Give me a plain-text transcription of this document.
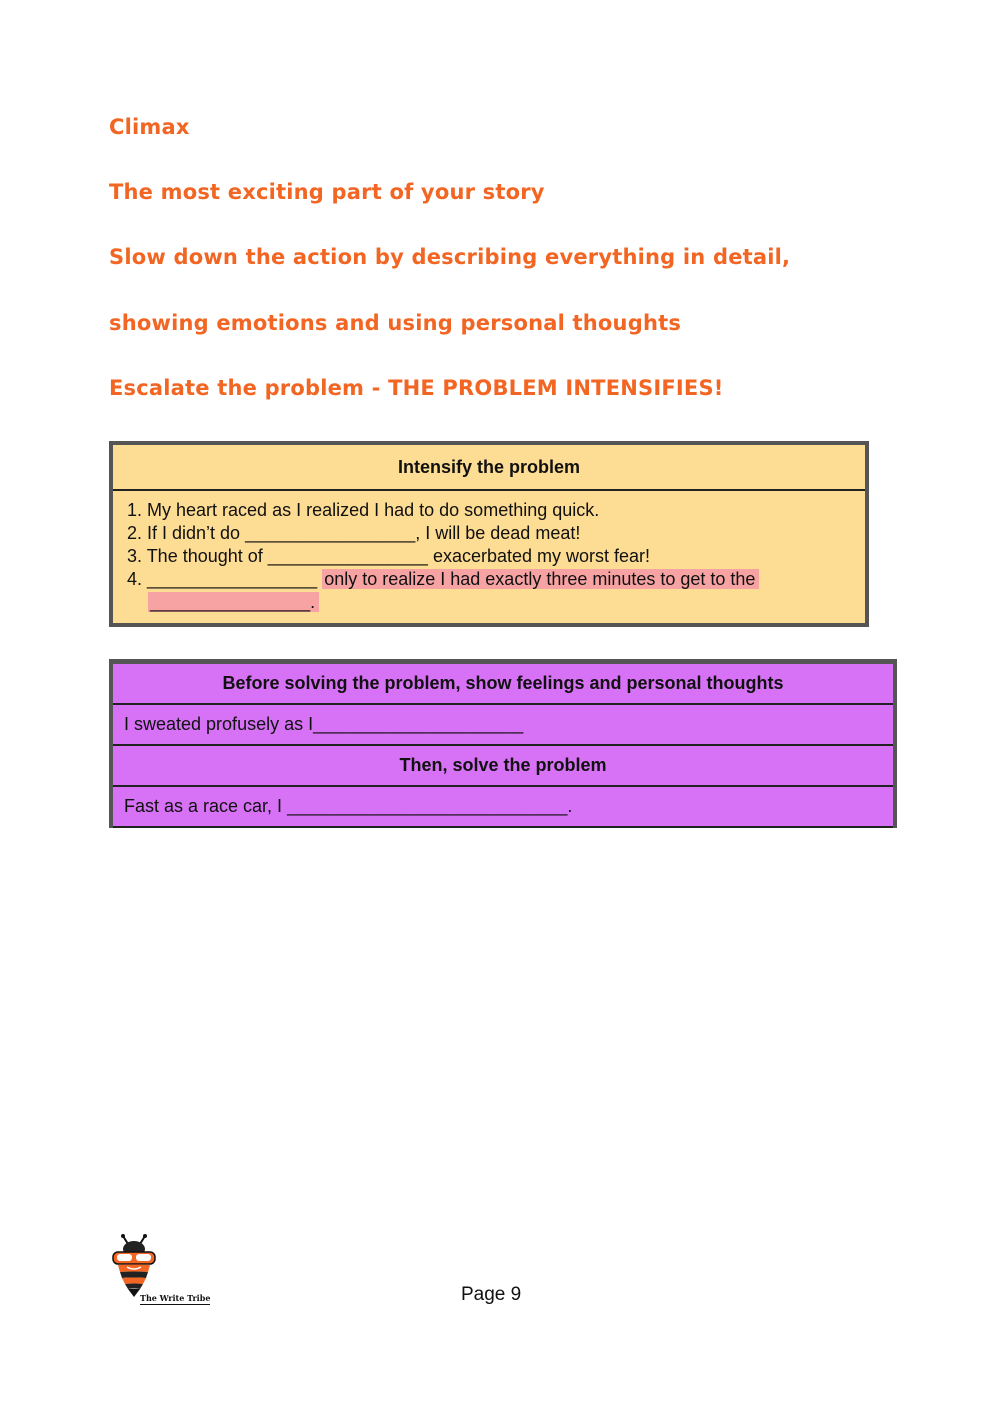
Climax
The most exciting part of your story
Slow down the action by describing everything in detail,
showing emotions and using personal thoughts
Escalate the problem - THE PROBLEM INTENSIFIES!
Intensify the problem
1. My heart raced as I realized I had to do something quick.
2. If I didn’t do _________________, I will be dead meat!
3. The thought of ________________ exacerbated my worst fear!
4. _________________ only to realize I had exactly three minutes to get to the
________________.
Before solving the problem, show feelings and personal thoughts
I sweated profusely as I_____________________
Then, solve the problem
Fast as a race car, I ____________________________.
The Write Tribe	Page 9
